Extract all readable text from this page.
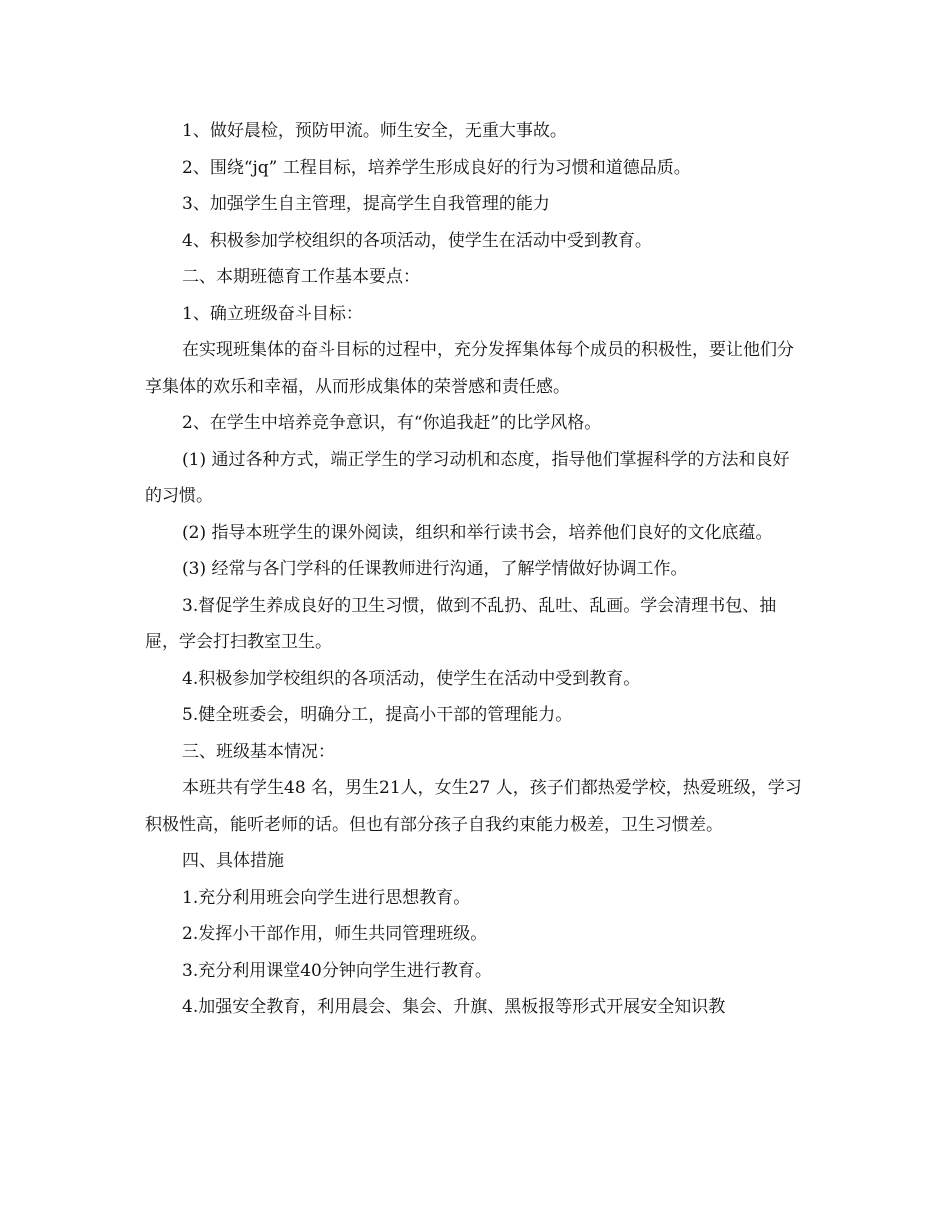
1、做好晨检，预防甲流。师生安全，无重大事故。

2、围绕“jq” 工程目标，培养学生形成良好的行为习惯和道德品质。

3、加强学生自主管理，提高学生自我管理的能力

4、积极参加学校组织的各项活动，使学生在活动中受到教育。

二、本期班德育工作基本要点：

1、确立班级奋斗目标：

在实现班集体的奋斗目标的过程中，充分发挥集体每个成员的积极性，要让他们分享集体的欢乐和幸福，从而形成集体的荣誉感和责任感。

2、在学生中培养竞争意识，有“你追我赶”的比学风格。

(1) 通过各种方式，端正学生的学习动机和态度，指导他们掌握科学的方法和良好的习惯。

(2) 指导本班学生的课外阅读，组织和举行读书会，培养他们良好的文化底蕴。

(3) 经常与各门学科的任课教师进行沟通，了解学情做好协调工作。

3.督促学生养成良好的卫生习惯，做到不乱扔、乱吐、乱画。学会清理书包、抽屉，学会打扫教室卫生。

4.积极参加学校组织的各项活动，使学生在活动中受到教育。

5.健全班委会，明确分工，提高小干部的管理能力。

三、班级基本情况：

本班共有学生48 名，男生21人，女生27 人，孩子们都热爱学校，热爱班级，学习积极性高，能听老师的话。但也有部分孩子自我约束能力极差，卫生习惯差。

四、具体措施

1.充分利用班会向学生进行思想教育。

2.发挥小干部作用，师生共同管理班级。

3.充分利用课堂40分钟向学生进行教育。

4.加强安全教育，利用晨会、集会、升旗、黑板报等形式开展安全知识教
